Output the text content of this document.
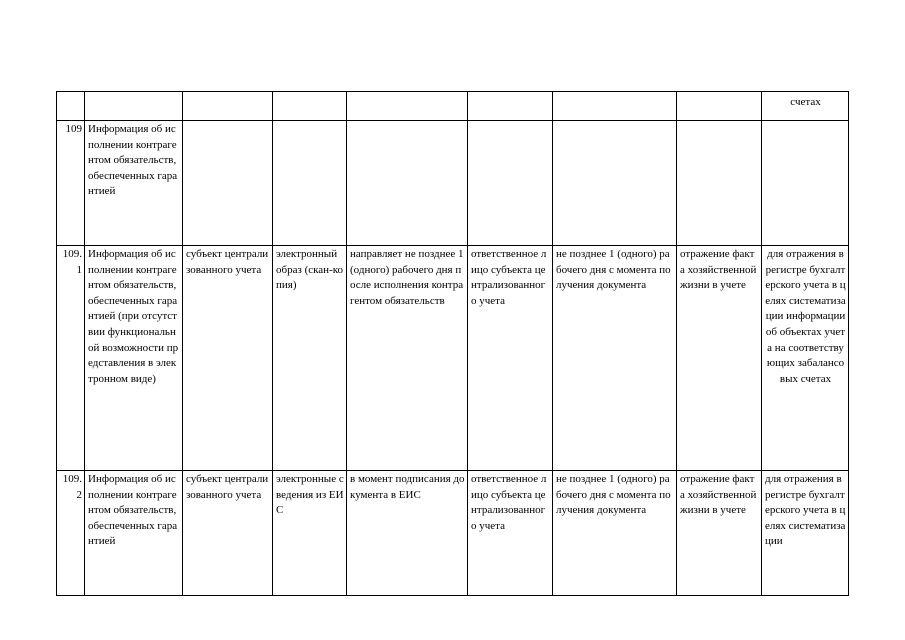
								счетах
109	Информация об исполнении контрагентом обязательств, обеспеченных гарантией							
109.1	Информация об исполнении контрагентом обязательств, обеспеченных гарантией (при отсутствии функциональной возможности представления в электронном виде)	субъект централизованного учета	электронный образ (скан-копия)	направляет не позднее 1 (одного) рабочего дня после исполнения контрагентом обязательств	ответственное лицо субъекта централизованного учета	не позднее 1 (одного) рабочего дня с момента получения документа	отражение факта хозяйственной жизни в учете	для отражения в регистре бухгалтерского учета в целях систематизации информации об объектах учета на соответствующих забалансовых счетах
109.2	Информация об исполнении контрагентом обязательств, обеспеченных гарантией	субъект централизованного учета	электронные сведения из ЕИС	в момент подписания документа в ЕИС	ответственное лицо субъекта централизованного учета	не позднее 1 (одного) рабочего дня с момента получения документа	отражение факта хозяйственной жизни в учете	для отражения в регистре бухгалтерского учета в целях систематизации
